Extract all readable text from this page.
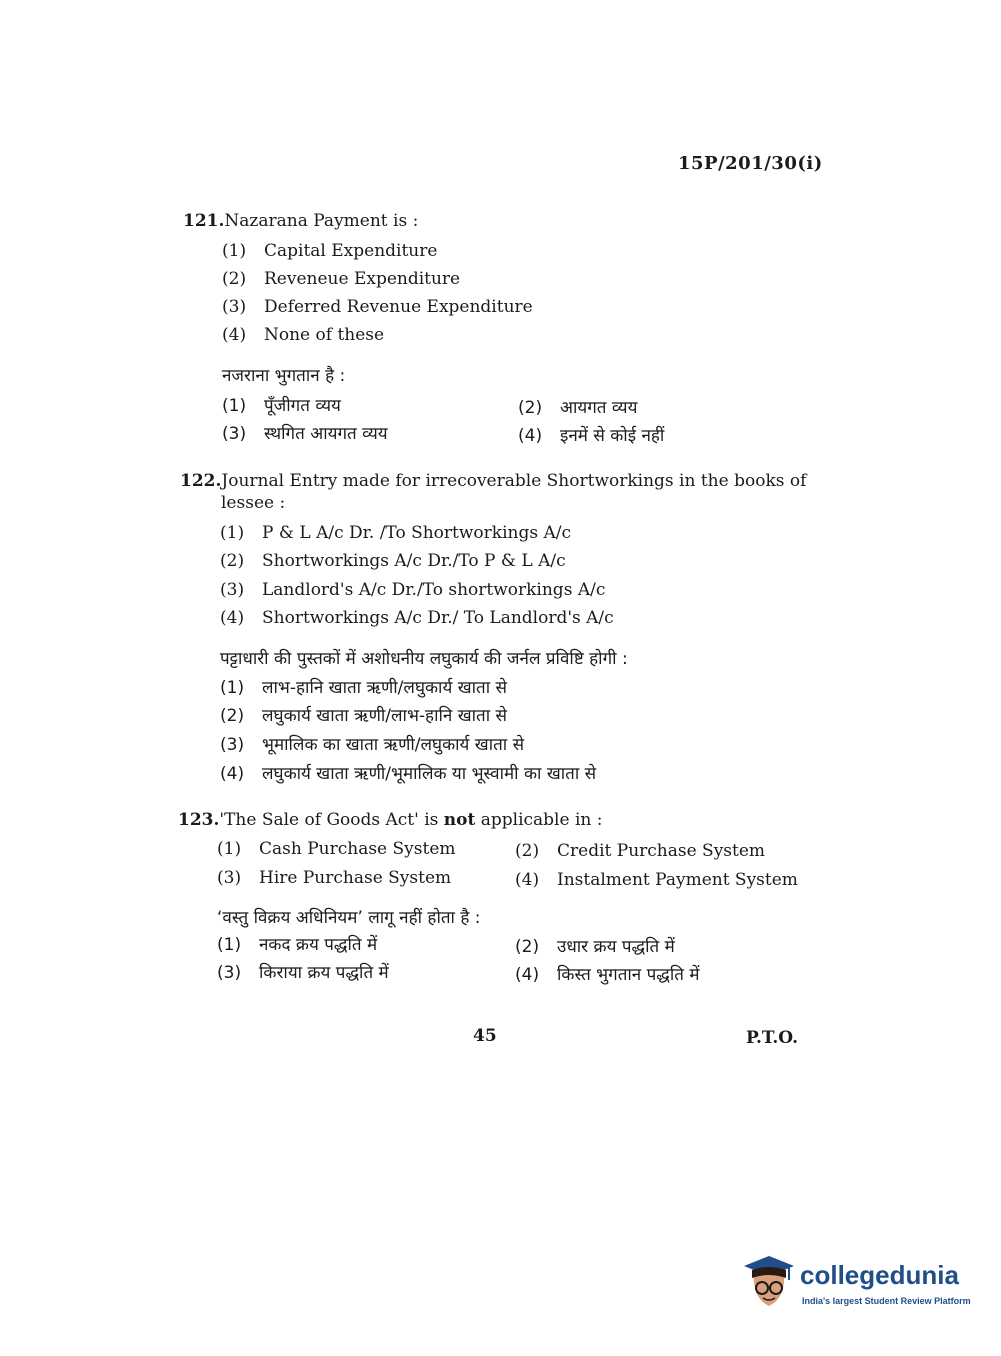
15P/201/30(i)
121.Nazarana Payment is :
(1) Capital Expenditure
(2) Reveneue Expenditure
(3) Deferred Revenue Expenditure
(4) None of these
नजराना भुगतान है :
(1) पूँजीगत व्यय	(2) आयगत व्यय
(3) स्थगित आयगत व्यय	(4) इनमें से कोई नहीं
122.Journal Entry made for irrecoverable Shortworkings in the books of
lessee :
(1) P & L A/c Dr. /To Shortworkings A/c
(2) Shortworkings A/c Dr./To P & L A/c
(3) Landlord's A/c Dr./To shortworkings A/c
(4) Shortworkings A/c Dr./ To Landlord's A/c
पट्टाधारी की पुस्तकों में अशोधनीय लघुकार्य की जर्नल प्रविष्टि होगी :
(1) लाभ-हानि खाता ऋणी/लघुकार्य खाता से
(2) लघुकार्य खाता ऋणी/लाभ-हानि खाता से
(3) भूमालिक का खाता ऋणी/लघुकार्य खाता से
(4) लघुकार्य खाता ऋणी/भूमालिक या भूस्वामी का खाता से
123.'The Sale of Goods Act' is not applicable in :
(1) Cash Purchase System	(2) Credit Purchase System
(3) Hire Purchase System	(4) Instalment Payment System
‘वस्तु विक्रय अधिनियम’ लागू नहीं होता है :
(1) नकद क्रय पद्धति में	(2) उधार क्रय पद्धति में
(3) किराया क्रय पद्धति में	(4) किस्त भुगतान पद्धति में
45	P.T.O.
collegedunia
India's largest Student Review Platform
